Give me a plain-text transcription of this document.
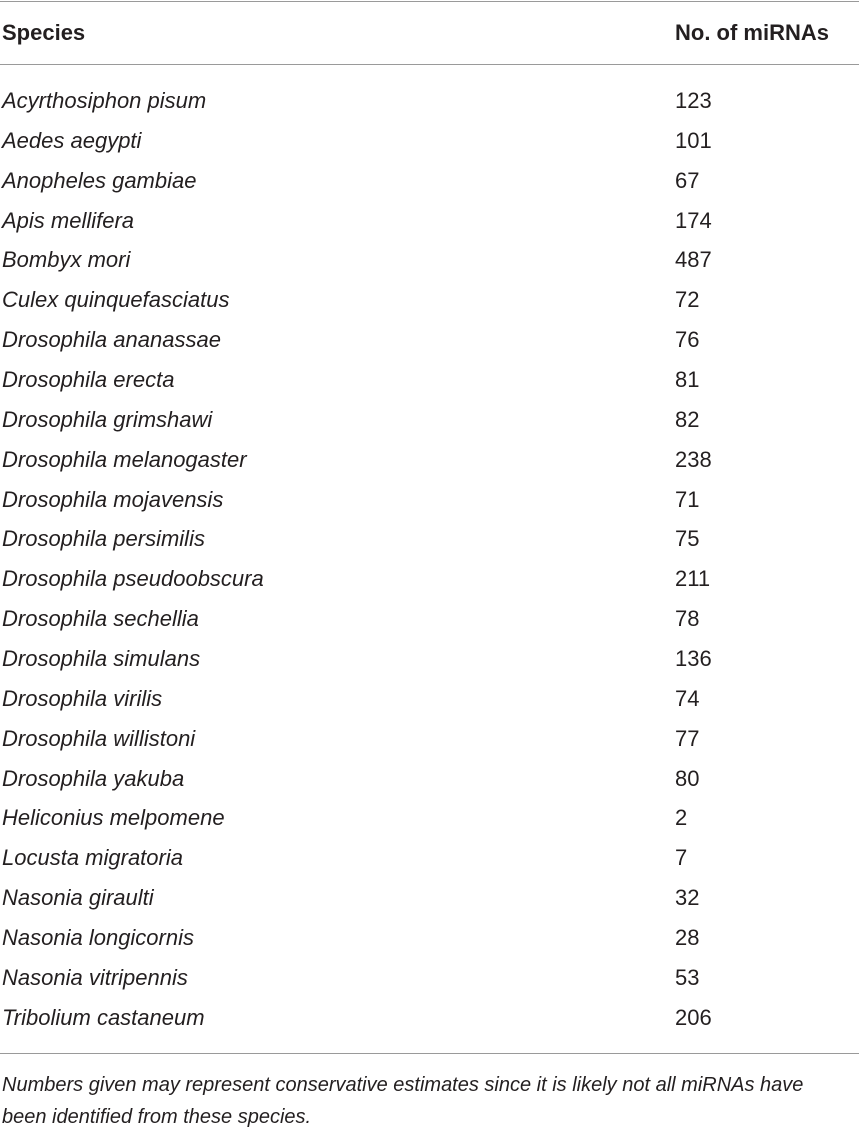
Species	No. of miRNAs
Acyrthosiphon pisum	123
Aedes aegypti	101
Anopheles gambiae	67
Apis mellifera	174
Bombyx mori	487
Culex quinquefasciatus	72
Drosophila ananassae	76
Drosophila erecta	81
Drosophila grimshawi	82
Drosophila melanogaster	238
Drosophila mojavensis	71
Drosophila persimilis	75
Drosophila pseudoobscura	211
Drosophila sechellia	78
Drosophila simulans	136
Drosophila virilis	74
Drosophila willistoni	77
Drosophila yakuba	80
Heliconius melpomene	2
Locusta migratoria	7
Nasonia giraulti	32
Nasonia longicornis	28
Nasonia vitripennis	53
Tribolium castaneum	206
Numbers given may represent conservative estimates since it is likely not all miRNAs have been identified from these species.
